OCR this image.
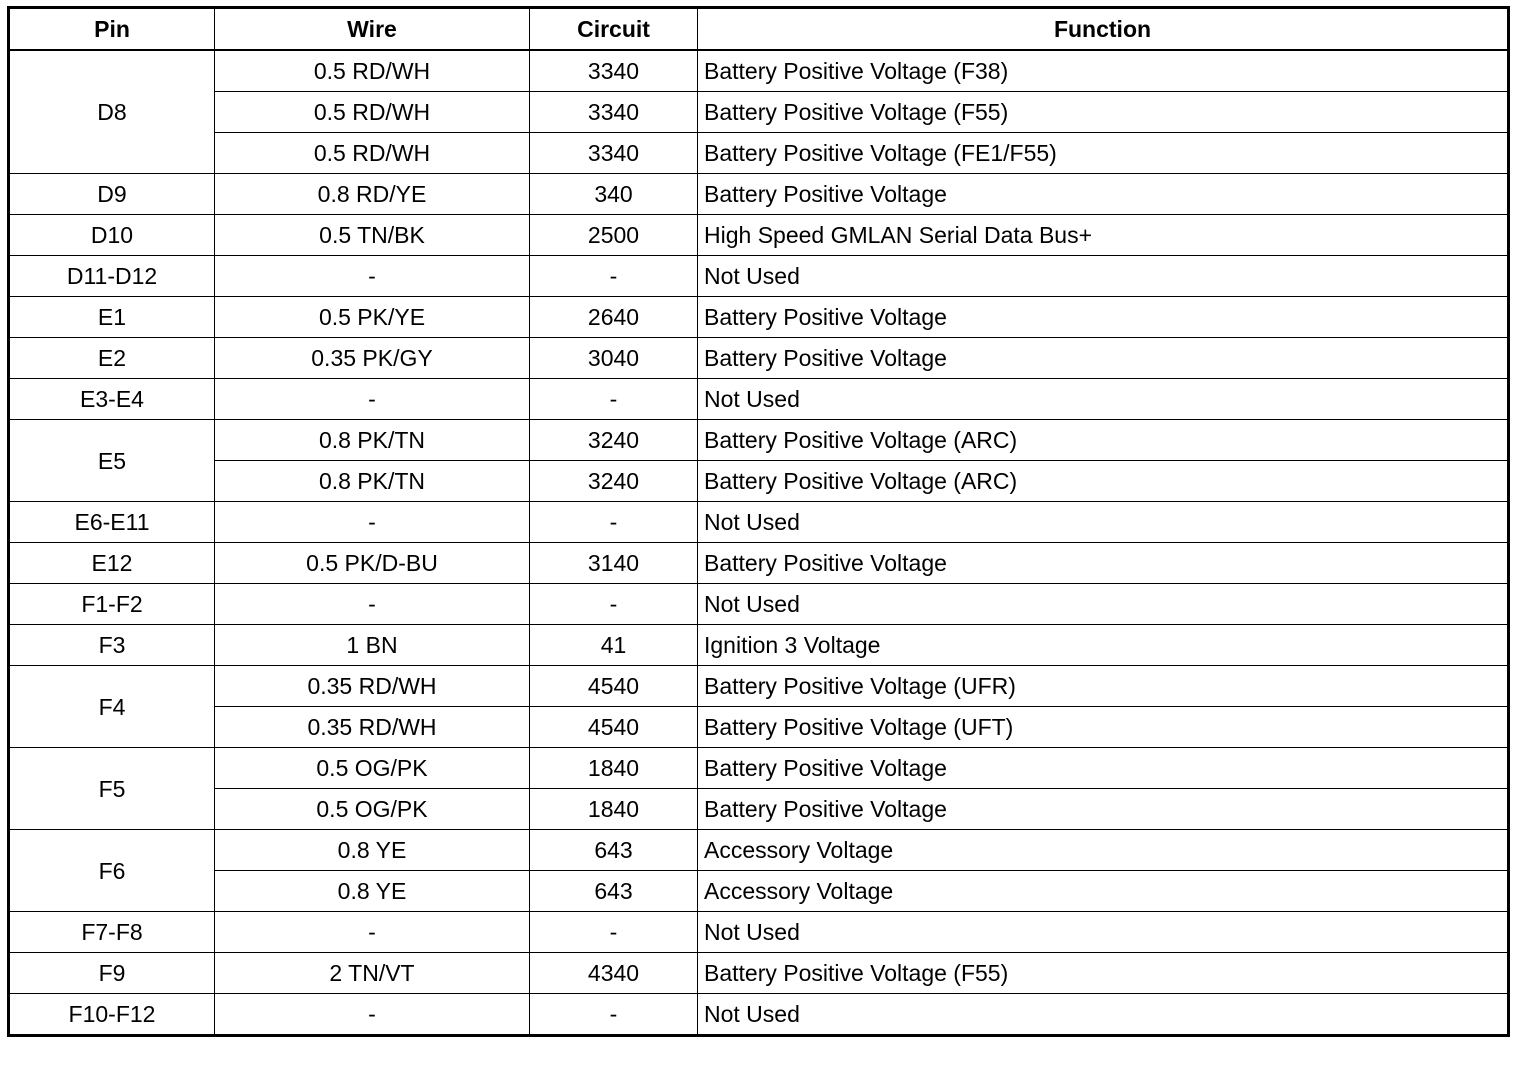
Pin	Wire	Circuit	Function
D8	0.5 RD/WH	3340	Battery Positive Voltage (F38)
	0.5 RD/WH	3340	Battery Positive Voltage (F55)
	0.5 RD/WH	3340	Battery Positive Voltage (FE1/F55)
D9	0.8 RD/YE	340	Battery Positive Voltage
D10	0.5 TN/BK	2500	High Speed GMLAN Serial Data Bus+
D11-D12	-	-	Not Used
E1	0.5 PK/YE	2640	Battery Positive Voltage
E2	0.35 PK/GY	3040	Battery Positive Voltage
E3-E4	-	-	Not Used
E5	0.8 PK/TN	3240	Battery Positive Voltage (ARC)
	0.8 PK/TN	3240	Battery Positive Voltage (ARC)
E6-E11	-	-	Not Used
E12	0.5 PK/D-BU	3140	Battery Positive Voltage
F1-F2	-	-	Not Used
F3	1 BN	41	Ignition 3 Voltage
F4	0.35 RD/WH	4540	Battery Positive Voltage (UFR)
	0.35 RD/WH	4540	Battery Positive Voltage (UFT)
F5	0.5 OG/PK	1840	Battery Positive Voltage
	0.5 OG/PK	1840	Battery Positive Voltage
F6	0.8 YE	643	Accessory Voltage
	0.8 YE	643	Accessory Voltage
F7-F8	-	-	Not Used
F9	2 TN/VT	4340	Battery Positive Voltage (F55)
F10-F12	-	-	Not Used
